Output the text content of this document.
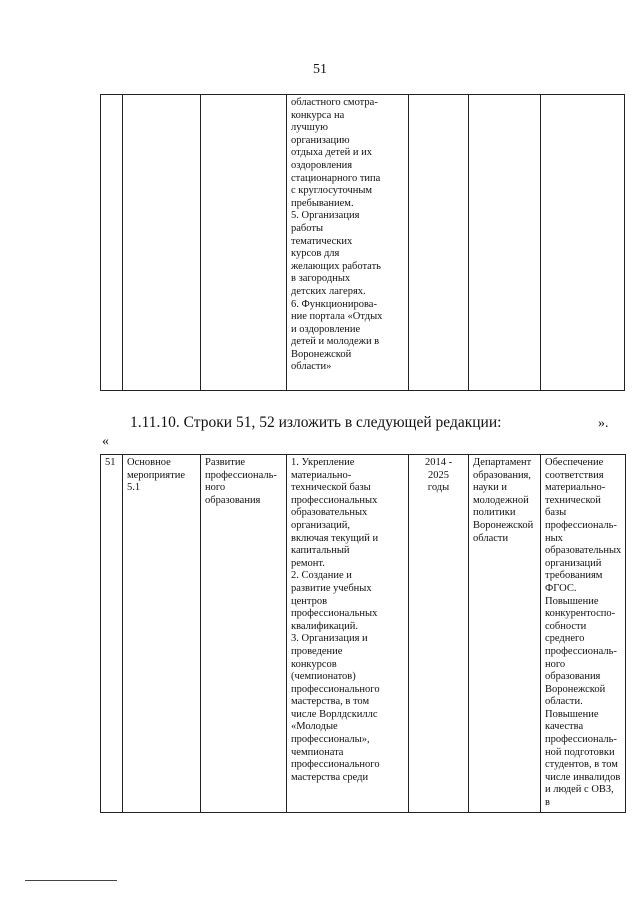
51
			областного смотра-
конкурса на
лучшую
организацию
отдыха детей и их
оздоровления
стационарного типа
с круглосуточным
пребыванием.
5. Организация
работы
тематических
курсов для
желающих работать
в загородных
детских лагерях.
6. Функционирова-
ние портала «Отдых
и оздоровление
детей и молодежи в
Воронежской
области»			
».
1.11.10. Строки 51, 52 изложить в следующей редакции:
«
51	Основное
мероприятие
5.1	Развитие
профессиональ-
ного
образования	1. Укрепление
материально-
технической базы
профессиональных
образовательных
организаций,
включая текущий и
капитальный
ремонт.
2. Создание и
развитие учебных
центров
профессиональных
квалификаций.
3. Организация и
проведение
конкурсов
(чемпионатов)
профессионального
мастерства, в том
числе Ворлдскиллс
«Молодые
профессионалы»,
чемпионата
профессионального
мастерства среди	2014 -
2025
годы	Департамент
образования,
науки и
молодежной
политики
Воронежской
области	Обеспечение
соответствия
материально-
технической
базы
профессиональ-
ных
образовательных
организаций
требованиям
ФГОС.
Повышение
конкурентоспо-
собности
среднего
профессиональ-
ного образования
Воронежской
области.
Повышение
качества
профессиональ-
ной подготовки
студентов, в том
числе инвалидов
и людей с ОВЗ, в
